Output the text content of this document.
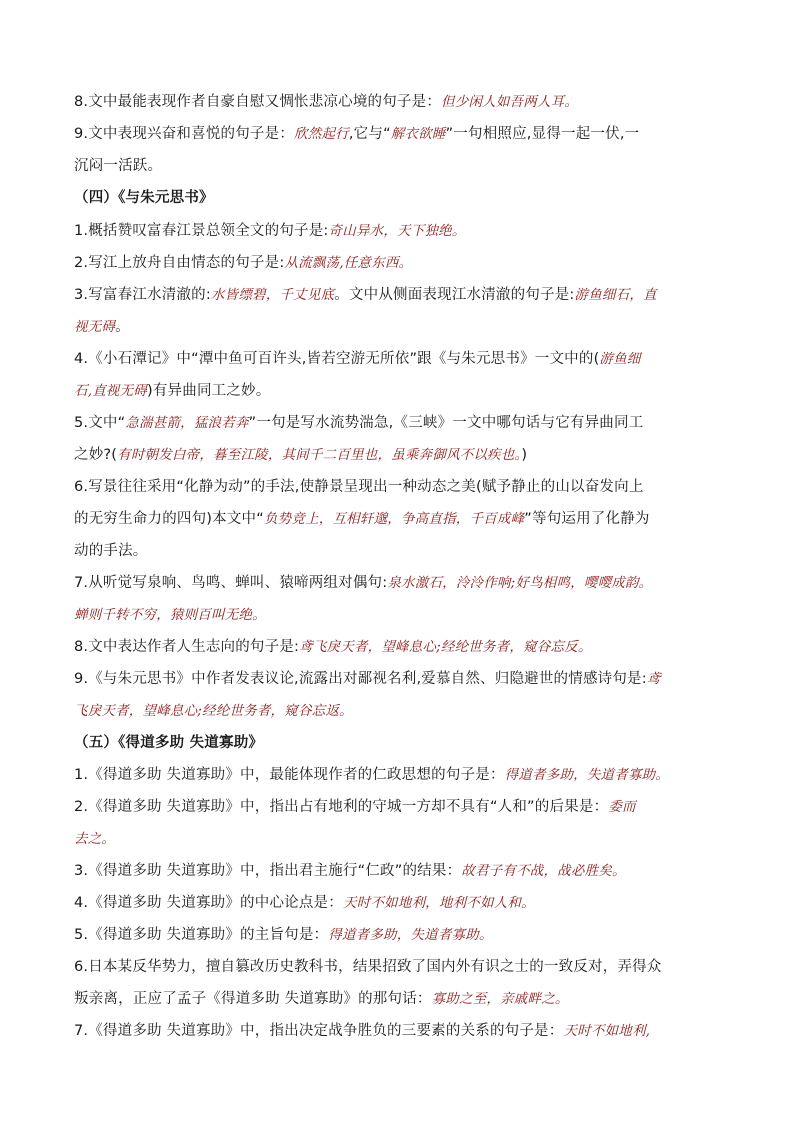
8.文中最能表现作者自豪自慰又惆怅悲凉心境的句子是：但少闲人如吾两人耳。
9.文中表现兴奋和喜悦的句子是：欣然起行,它与“解衣欲睡”一句相照应,显得一起一伏,一
沉闷一活跃。
（四）《与朱元思书》
1.概括赞叹富春江景总领全文的句子是:奇山异水，天下独绝。
2.写江上放舟自由情态的句子是:从流飘荡,任意东西。
3.写富春江水清澈的:水皆缥碧，千丈见底。文中从侧面表现江水清澈的句子是:游鱼细石，直
视无碍。
4.《小石潭记》中“潭中鱼可百许头,皆若空游无所依”跟《与朱元思书》一文中的(游鱼细
石,直视无碍)有异曲同工之妙。
5.文中“急湍甚箭，猛浪若奔”一句是写水流势湍急,《三峡》一文中哪句话与它有异曲同工
之妙?(有时朝发白帝，暮至江陵，其间千二百里也，虽乘奔御风不以疾也。)
6.写景往往采用“化静为动”的手法,使静景呈现出一种动态之美(赋予静止的山以奋发向上
的无穷生命力的四句)本文中“负势竞上，互相轩邈，争高直指，千百成峰”等句运用了化静为
动的手法。
7.从听觉写泉响、鸟鸣、蝉叫、猿啼两组对偶句:泉水激石，泠泠作响;好鸟相鸣，嘤嘤成韵。
蝉则千转不穷，猿则百叫无绝。
8.文中表达作者人生志向的句子是:鸢飞戾天者，望峰息心;经纶世务者，窥谷忘反。
9.《与朱元思书》中作者发表议论,流露出对鄙视名利,爱慕自然、归隐避世的情感诗句是:鸢
飞戾天者，望峰息心;经纶世务者，窥谷忘返。
（五）《得道多助 失道寡助》
1.《得道多助 失道寡助》中，最能体现作者的仁政思想的句子是：得道者多助，失道者寡助。
2.《得道多助 失道寡助》中，指出占有地利的守城一方却不具有“人和”的后果是：委而
去之。
3.《得道多助 失道寡助》中，指出君主施行“仁政”的结果：故君子有不战，战必胜矣。
4.《得道多助 失道寡助》的中心论点是：天时不如地利，地利不如人和。
5.《得道多助 失道寡助》的主旨句是：得道者多助，失道者寡助。
6.日本某反华势力，擅自篡改历史教科书，结果招致了国内外有识之士的一致反对，弄得众
叛亲离，正应了孟子《得道多助 失道寡助》的那句话：寡助之至，亲戚畔之。
7.《得道多助 失道寡助》中，指出决定战争胜负的三要素的关系的句子是：天时不如地利,
